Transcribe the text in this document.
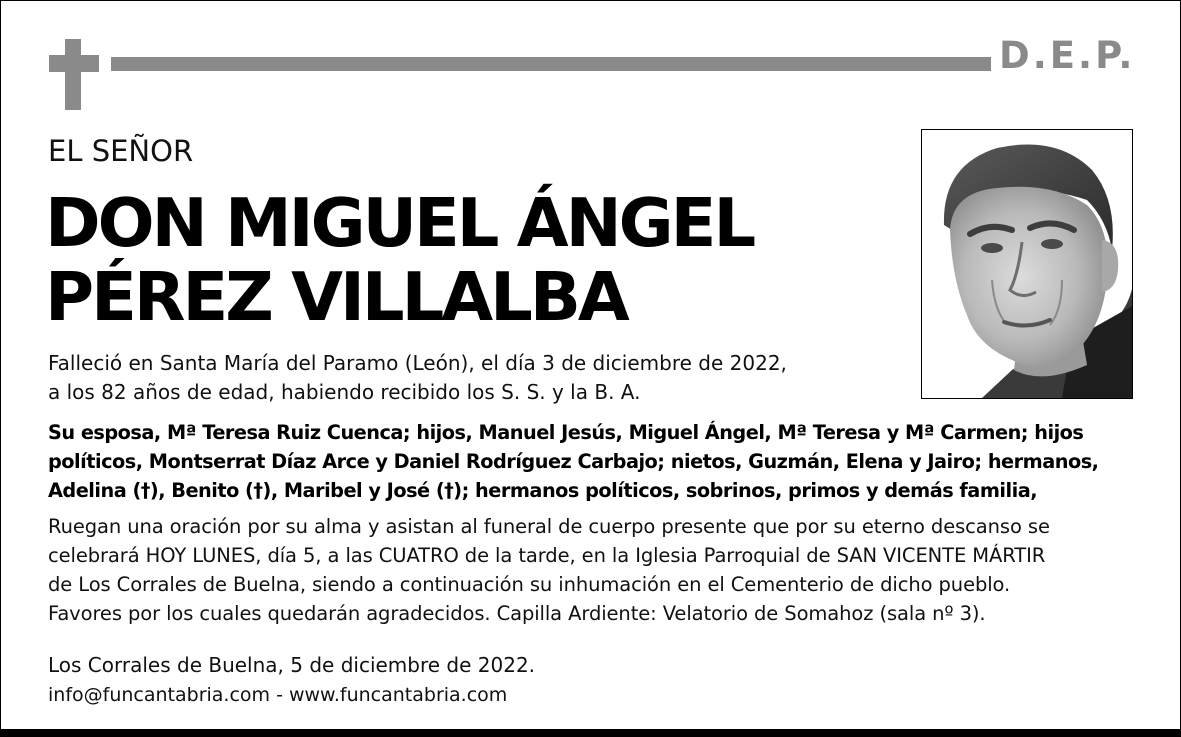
D.E.P.
EL SEÑOR
DON MIGUEL ÁNGEL
PÉREZ VILLALBA
Falleció en Santa María del Paramo (León), el día 3 de diciembre de 2022,
a los 82 años de edad, habiendo recibido los S. S. y la B. A.
Su esposa, Mª Teresa Ruiz Cuenca; hijos, Manuel Jesús, Miguel Ángel, Mª Teresa y Mª Carmen; hijos
políticos, Montserrat Díaz Arce y Daniel Rodríguez Carbajo; nietos, Guzmán, Elena y Jairo; hermanos,
Adelina (†), Benito (†), Maribel y José (†); hermanos políticos, sobrinos, primos y demás familia,
Ruegan una oración por su alma y asistan al funeral de cuerpo presente que por su eterno descanso se
celebrará HOY LUNES, día 5, a las CUATRO de la tarde, en la Iglesia Parroquial de SAN VICENTE MÁRTIR
de Los Corrales de Buelna, siendo a continuación su inhumación en el Cementerio de dicho pueblo.
Favores por los cuales quedarán agradecidos. Capilla Ardiente: Velatorio de Somahoz (sala nº 3).
Los Corrales de Buelna, 5 de diciembre de 2022.
info@funcantabria.com - www.funcantabria.com
